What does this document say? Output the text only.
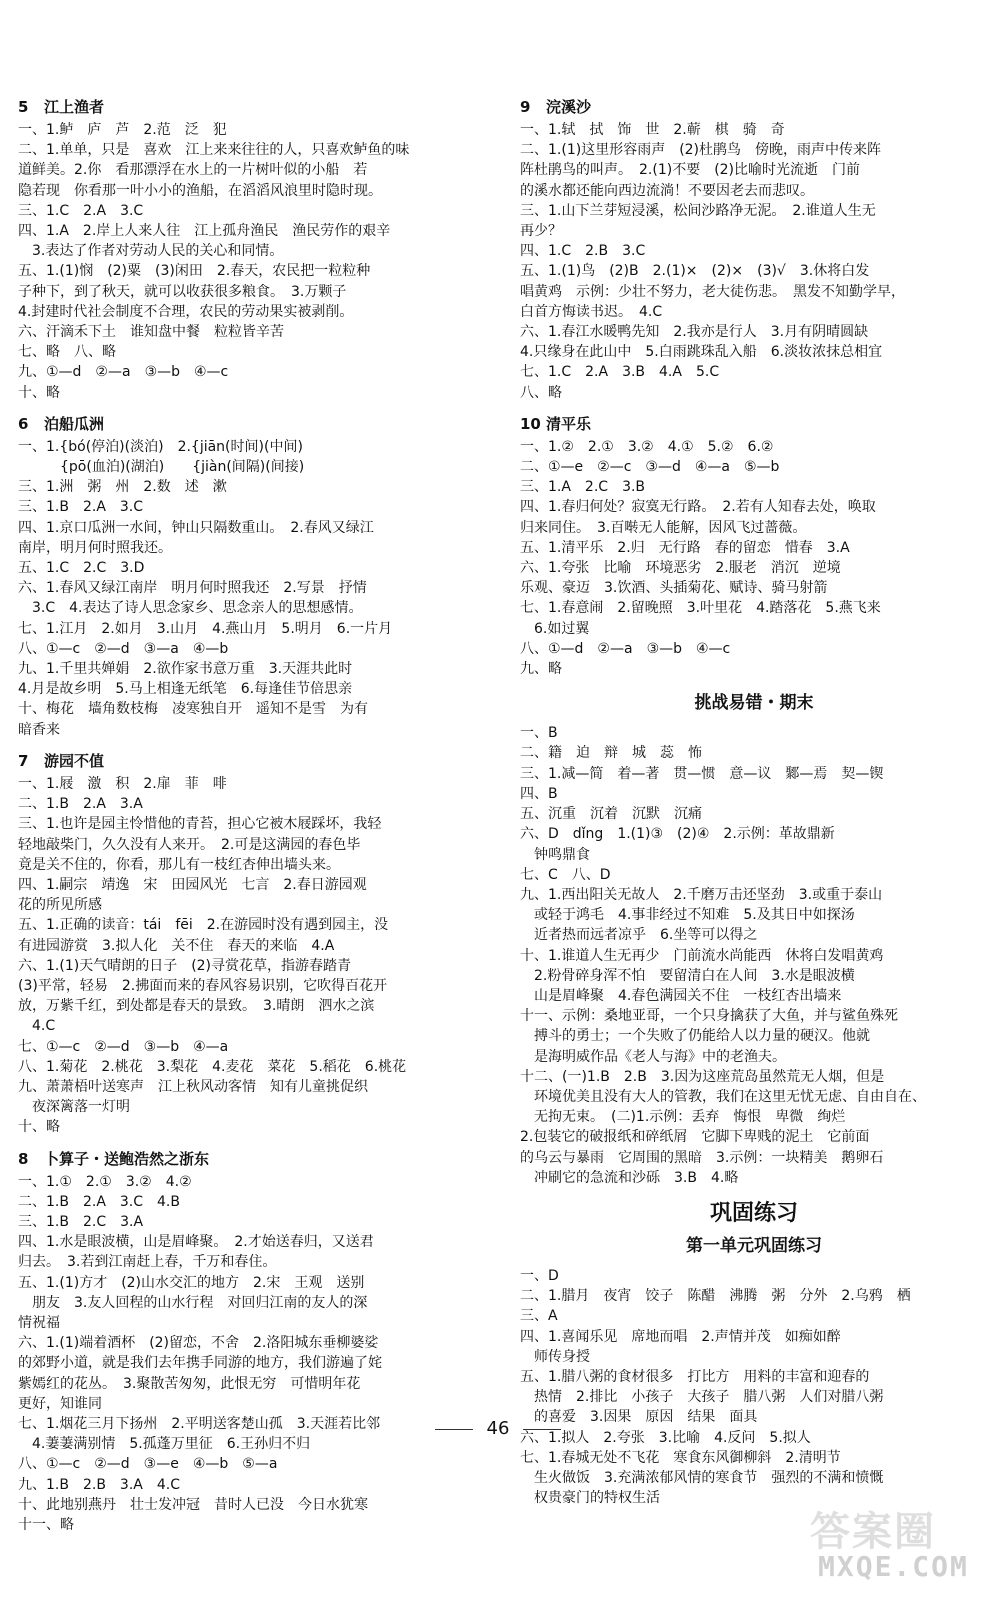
5 江上渔者
一、1.鲈　庐　芦　2.范　泛　犯
二、1.单单，只是　喜欢　江上来来往往的人，只喜欢鲈鱼的味
道鲜美。2.你　看那漂浮在水上的一片树叶似的小船　若
隐若现　你看那一叶小小的渔船，在滔滔风浪里时隐时现。
三、1.C　2.A　3.C
四、1.A　2.岸上人来人往　江上孤舟渔民　渔民劳作的艰辛
　3.表达了作者对劳动人民的关心和同情。
五、1.(1)悯　(2)粟　(3)闲田　2.春天，农民把一粒粒种
子种下，到了秋天，就可以收获很多粮食。　3.万颗子
4.封建时代社会制度不合理，农民的劳动果实被剥削。
六、汗滴禾下土　谁知盘中餐　粒粒皆辛苦
七、略　八、略
九、①—d　②—a　③—b　④—c
十、略
6 泊船瓜洲
一、1.{bó(停泊)(淡泊)　2.{jiān(时间)(中间)
　　　{pō(血泊)(湖泊)　　{jiàn(间隔)(间接)
三、1.洲　粥　州　2.数　述　漱
三、1.B　2.A　3.C
四、1.京口瓜洲一水间，钟山只隔数重山。　2.春风又绿江
南岸，明月何时照我还。
五、1.C　2.C　3.D
六、1.春风又绿江南岸　明月何时照我还　2.写景　抒情
　3.C　4.表达了诗人思念家乡、思念亲人的思想感情。
七、1.江月　2.如月　3.山月　4.燕山月　5.明月　6.一片月
八、①—c　②—d　③—a　④—b
九、1.千里共婵娟　2.欲作家书意万重　3.天涯共此时
4.月是故乡明　5.马上相逢无纸笔　6.每逢佳节倍思亲
十、梅花　墙角数枝梅　凌寒独自开　遥知不是雪　为有
暗香来
7 游园不值
一、1.屐　激　积　2.扉　菲　啡
二、1.B　2.A　3.A
三、1.也许是园主怜惜他的青苔，担心它被木屐踩坏，我轻
轻地敲柴门，久久没有人来开。　2.可是这满园的春色毕
竟是关不住的，你看，那儿有一枝红杏伸出墙头来。
四、1.嗣宗　靖逸　宋　田园风光　七言　2.春日游园观
花的所见所感
五、1.正确的读音：tái　fēi　2.在游园时没有遇到园主，没
有进园游赏　3.拟人化　关不住　春天的来临　4.A
六、1.(1)天气晴朗的日子　(2)寻赏花草，指游春踏青
(3)平常，轻易　2.拂面而来的春风容易识别，它吹得百花开
放，万紫千红，到处都是春天的景致。　3.晴朗　泗水之滨
　4.C
七、①—c　②—d　③—b　④—a
八、1.菊花　2.桃花　3.梨花　4.麦花　菜花　5.稻花　6.桃花
九、萧萧梧叶送寒声　江上秋风动客情　知有儿童挑促织
　夜深篱落一灯明
十、略
8 卜算子・送鲍浩然之浙东
一、1.①　2.①　3.②　4.②
二、1.B　2.A　3.C　4.B
三、1.B　2.C　3.A
四、1.水是眼波横，山是眉峰聚。　2.才始送春归，又送君
归去。　3.若到江南赶上春，千万和春住。
五、1.(1)方才　(2)山水交汇的地方　2.宋　王观　送别
　朋友　3.友人回程的山水行程　对回归江南的友人的深
情祝福
六、1.(1)端着酒杯　(2)留恋，不舍　2.洛阳城东垂柳婆娑
的郊野小道，就是我们去年携手同游的地方，我们游遍了姹
紫嫣红的花丛。　3.聚散苦匆匆，此恨无穷　可惜明年花
更好，知谁同
七、1.烟花三月下扬州　2.平明送客楚山孤　3.天涯若比邻
　4.萋萋满别情　5.孤蓬万里征　6.王孙归不归
八、①—c　②—d　③—e　④—b　⑤—a
九、1.B　2.B　3.A　4.C
十、此地别燕丹　壮士发冲冠　昔时人已没　今日水犹寒
十一、略
9 浣溪沙
一、1.轼　拭　饰　世　2.蕲　棋　骑　奇
二、1.(1)这里形容雨声　(2)杜鹃鸟　傍晚，雨声中传来阵
阵杜鹃鸟的叫声。　2.(1)不要　(2)比喻时光流逝　门前
的溪水都还能向西边流淌！不要因老去而悲叹。
三、1.山下兰芽短浸溪，松间沙路净无泥。　2.谁道人生无
再少？
四、1.C　2.B　3.C
五、1.(1)鸟　(2)B　2.(1)×　(2)×　(3)√　3.休将白发
唱黄鸡　示例：少壮不努力，老大徒伤悲。　黑发不知勤学早，
白首方悔读书迟。　4.C
六、1.春江水暖鸭先知　2.我亦是行人　3.月有阴晴圆缺
4.只缘身在此山中　5.白雨跳珠乱入船　6.淡妆浓抹总相宜
七、1.C　2.A　3.B　4.A　5.C
八、略
10 清平乐
一、1.②　2.①　3.②　4.①　5.②　6.②
二、①—e　②—c　③—d　④—a　⑤—b
三、1.A　2.C　3.B
四、1.春归何处？寂寞无行路。　2.若有人知春去处，唤取
归来同住。　3.百啭无人能解，因风飞过蔷薇。
五、1.清平乐　2.归　无行路　春的留恋　惜春　3.A
六、1.夸张　比喻　环境恶劣　2.服老　消沉　逆境
乐观、豪迈　3.饮酒、头插菊花、赋诗、骑马射箭
七、1.春意闹　2.留晚照　3.叶里花　4.踏落花　5.燕飞来
　6.如过翼
八、①—d　②—a　③—b　④—c
九、略
挑战易错・期末
一、B
二、籍　迫　辩　城　蕊　怖
三、1.减—简　着—著　贯—惯　意—议　鄹—焉　契—锲
四、B
五、沉重　沉着　沉默　沉痛
六、D　dǐng　1.(1)③　(2)④　2.示例：革故鼎新
　钟鸣鼎食
七、C　八、D
九、1.西出阳关无故人　2.千磨万击还坚劲　3.或重于泰山
　或轻于鸿毛　4.事非经过不知难　5.及其日中如探汤
　近者热而远者凉乎　6.坐等可以得之
十、1.谁道人生无再少　门前流水尚能西　休将白发唱黄鸡
　2.粉骨碎身浑不怕　要留清白在人间　3.水是眼波横
　山是眉峰聚　4.春色满园关不住　一枝红杏出墙来
十一、示例：桑地亚哥，一个只身擒获了大鱼，并与鲨鱼殊死
　搏斗的勇士；一个失败了仍能给人以力量的硬汉。他就
　是海明威作品《老人与海》中的老渔夫。
十二、(一)1.B　2.B　3.因为这座荒岛虽然荒无人烟，但是
　环境优美且没有大人的管教，我们在这里无忧无虑、自由自在、
　无拘无束。　(二)1.示例：丢弃　悔恨　卑微　绚烂
2.包装它的破报纸和碎纸屑　它脚下卑贱的泥土　它前面
的乌云与暴雨　它周围的黑暗　3.示例：一块精美　鹅卵石
　冲刷它的急流和沙砾　3.B　4.略
巩固练习
第一单元巩固练习
一、D
二、1.腊月　夜宵　饺子　陈醋　沸腾　粥　分外　2.乌鸦　栖
三、A
四、1.喜闻乐见　席地而唱　2.声情并茂　如痴如醉
　师传身授
五、1.腊八粥的食材很多　打比方　用料的丰富和迎春的
　热情　2.排比　小孩子　大孩子　腊八粥　人们对腊八粥
　的喜爱　3.因果　原因　结果　面具
六、1.拟人　2.夸张　3.比喻　4.反问　5.拟人
七、1.春城无处不飞花　寒食东风御柳斜　2.清明节
　生火做饭　3.充满浓郁风情的寒食节　强烈的不满和愤慨
　权贵豪门的特权生活
46
答案圈
MXQE.COM
